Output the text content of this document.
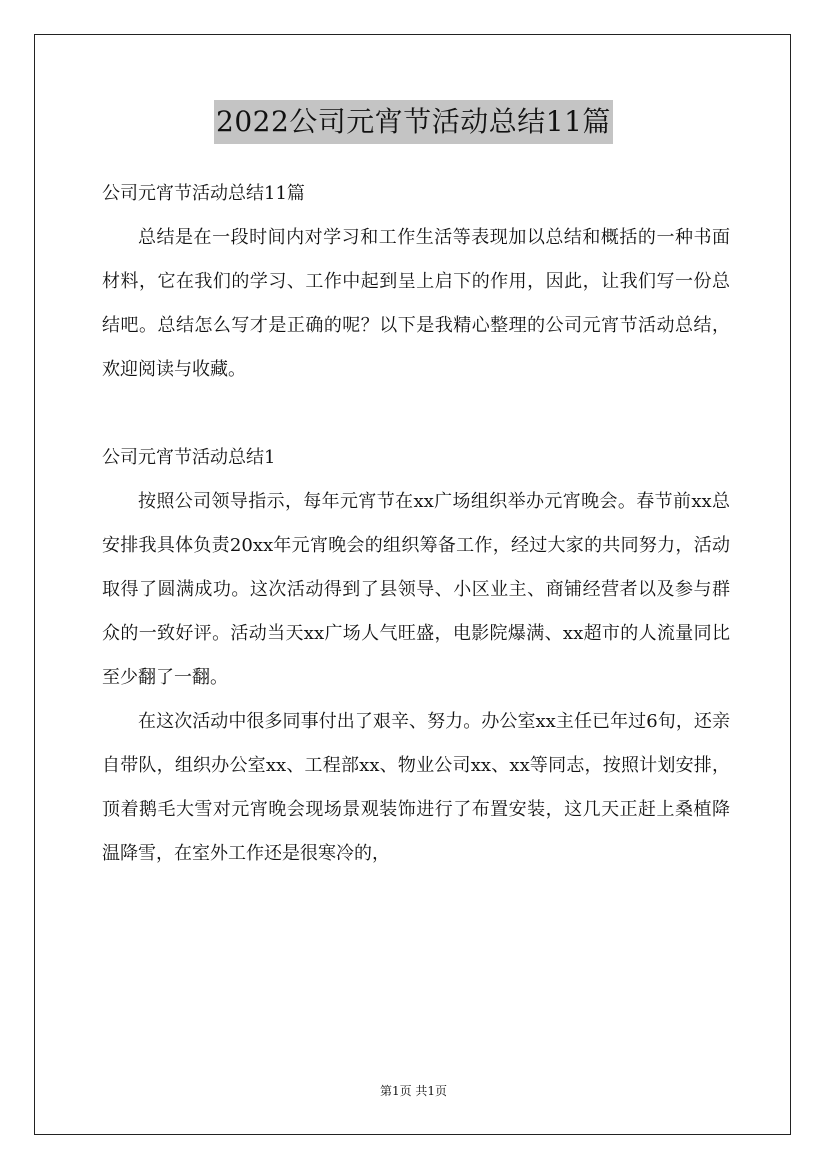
2022公司元宵节活动总结11篇

公司元宵节活动总结11篇

总结是在一段时间内对学习和工作生活等表现加以总结和概括的一种书面材料，它在我们的学习、工作中起到呈上启下的作用，因此，让我们写一份总结吧。总结怎么写才是正确的呢？以下是我精心整理的公司元宵节活动总结，欢迎阅读与收藏。

公司元宵节活动总结1

按照公司领导指示，每年元宵节在xx广场组织举办元宵晚会。春节前xx总安排我具体负责20xx年元宵晚会的组织筹备工作，经过大家的共同努力，活动取得了圆满成功。这次活动得到了县领导、小区业主、商铺经营者以及参与群众的一致好评。活动当天xx广场人气旺盛，电影院爆满、xx超市的人流量同比至少翻了一翻。

在这次活动中很多同事付出了艰辛、努力。办公室xx主任已年过6旬，还亲自带队，组织办公室xx、工程部xx、物业公司xx、xx等同志，按照计划安排，顶着鹅毛大雪对元宵晚会现场景观装饰进行了布置安装，这几天正赶上桑植降温降雪，在室外工作还是很寒冷的，

第1页 共1页
